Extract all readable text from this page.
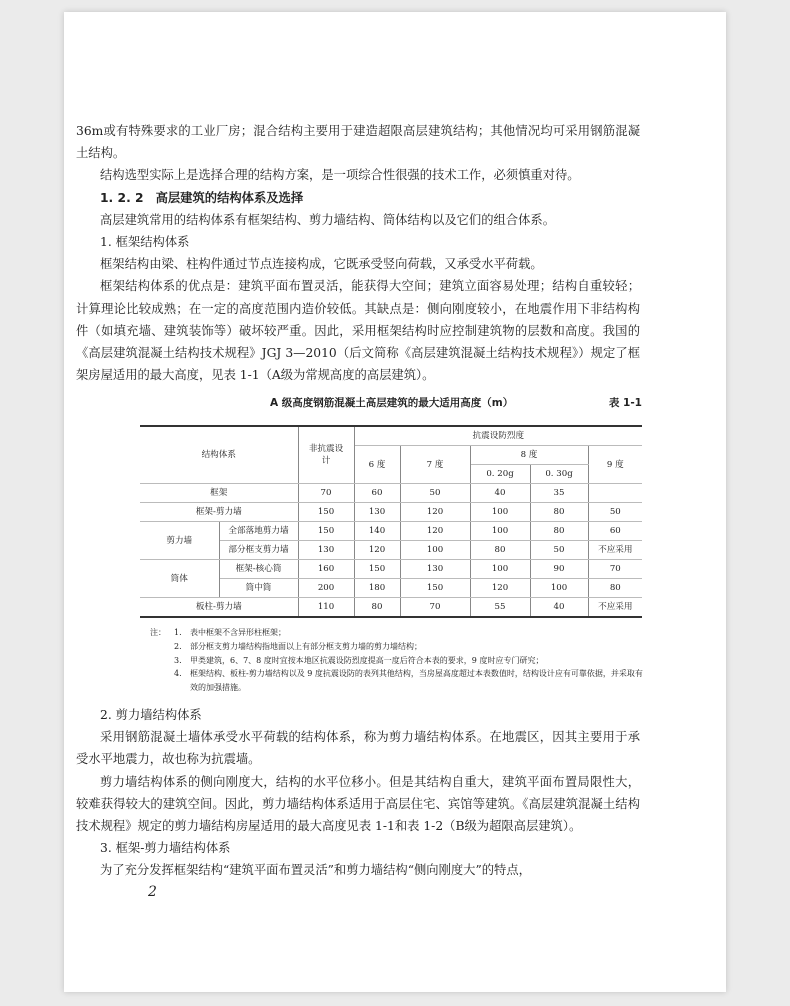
36m或有特殊要求的工业厂房；混合结构主要用于建造超限高层建筑结构；其他情况均可采用钢筋混凝土结构。

结构选型实际上是选择合理的结构方案，是一项综合性很强的技术工作，必须慎重对待。

1. 2. 2 高层建筑的结构体系及选择

高层建筑常用的结构体系有框架结构、剪力墙结构、筒体结构以及它们的组合体系。

1. 框架结构体系

框架结构由梁、柱构件通过节点连接构成，它既承受竖向荷载，又承受水平荷载。

框架结构体系的优点是：建筑平面布置灵活，能获得大空间；建筑立面容易处理；结构自重较轻；计算理论比较成熟；在一定的高度范围内造价较低。其缺点是：侧向刚度较小，在地震作用下非结构构件（如填充墙、建筑装饰等）破坏较严重。因此，采用框架结构时应控制建筑物的层数和高度。我国的《高层建筑混凝土结构技术规程》JGJ 3—2010（后文简称《高层建筑混凝土结构技术规程》）规定了框架房屋适用的最大高度，见表 1-1（A级为常规高度的高层建筑）。

A 级高度钢筋混凝土高层建筑的最大适用高度（m）	表 1-1
结构体系		非抗震设计	抗震设防烈度				
			6 度	7 度	8 度		9 度
					0. 20g	0. 30g	
框架		70	60	50	40	35	
框架-剪力墙		150	130	120	100	80	50
剪力墙	全部落地剪力墙	150	140	120	100	80	60
	部分框支剪力墙	130	120	100	80	50	不应采用
筒体	框架-核心筒	160	150	130	100	90	70
	筒中筒	200	180	150	120	100	80
板柱-剪力墙		110	80	70	55	40	不应采用
注： 1. 表中框架不含异形柱框架；
2. 部分框支剪力墙结构指地面以上有部分框支剪力墙的剪力墙结构；
3. 甲类建筑，6、7、8 度时宜按本地区抗震设防烈度提高一度后符合本表的要求，9 度时应专门研究；
4. 框架结构、板柱-剪力墙结构以及 9 度抗震设防的表列其他结构，当房屋高度超过本表数值时，结构设计应有可靠依据，并采取有效的加强措施。

2. 剪力墙结构体系

采用钢筋混凝土墙体承受水平荷载的结构体系，称为剪力墙结构体系。在地震区，因其主要用于承受水平地震力，故也称为抗震墙。

剪力墙结构体系的侧向刚度大，结构的水平位移小。但是其结构自重大，建筑平面布置局限性大，较难获得较大的建筑空间。因此，剪力墙结构体系适用于高层住宅、宾馆等建筑。《高层建筑混凝土结构技术规程》规定的剪力墙结构房屋适用的最大高度见表 1-1和表 1-2（B级为超限高层建筑）。

3. 框架-剪力墙结构体系

为了充分发挥框架结构“建筑平面布置灵活”和剪力墙结构“侧向刚度大”的特点，

2
